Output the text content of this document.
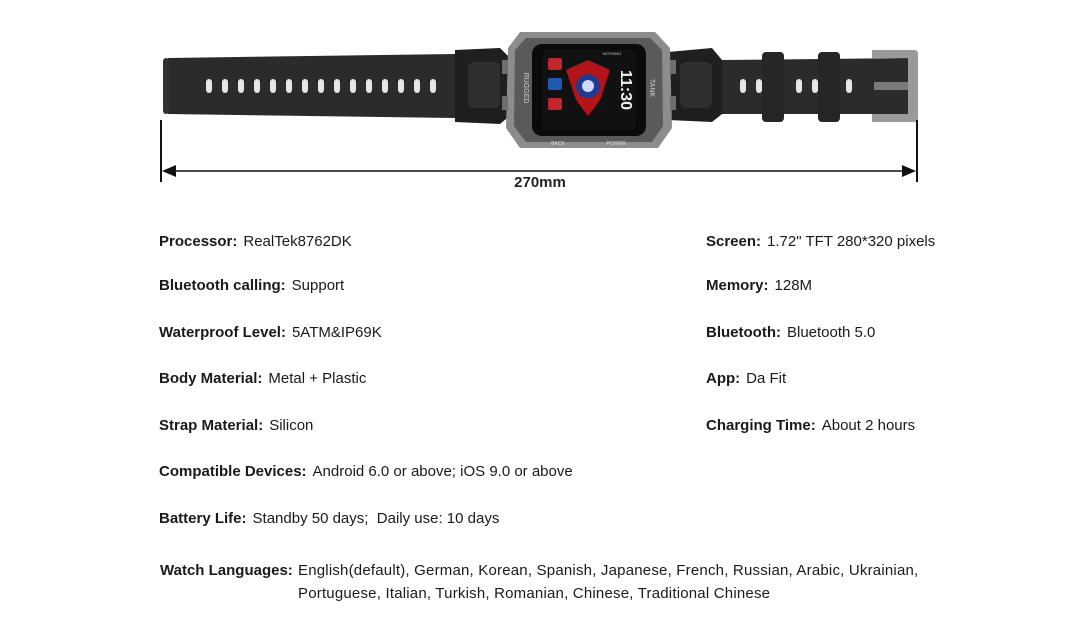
11:30
RUGGED	TANK
BACK	POWER
NOTHING
270mm
Processor: RealTek8762DK
Bluetooth calling: Support
Waterproof Level: 5ATM&IP69K
Body Material: Metal + Plastic
Strap Material: Silicon
Compatible Devices: Android 6.0 or above; iOS 9.0 or above
Battery Life: Standby 50 days;  Daily use: 10 days
Screen: 1.72" TFT 280*320 pixels
Memory: 128M
Bluetooth: Bluetooth 5.0
App: Da Fit
Charging Time: About 2 hours
Watch Languages: English(default), German, Korean, Spanish, Japanese, French, Russian, Arabic, Ukrainian, Portuguese, Italian, Turkish, Romanian, Chinese, Traditional Chinese
